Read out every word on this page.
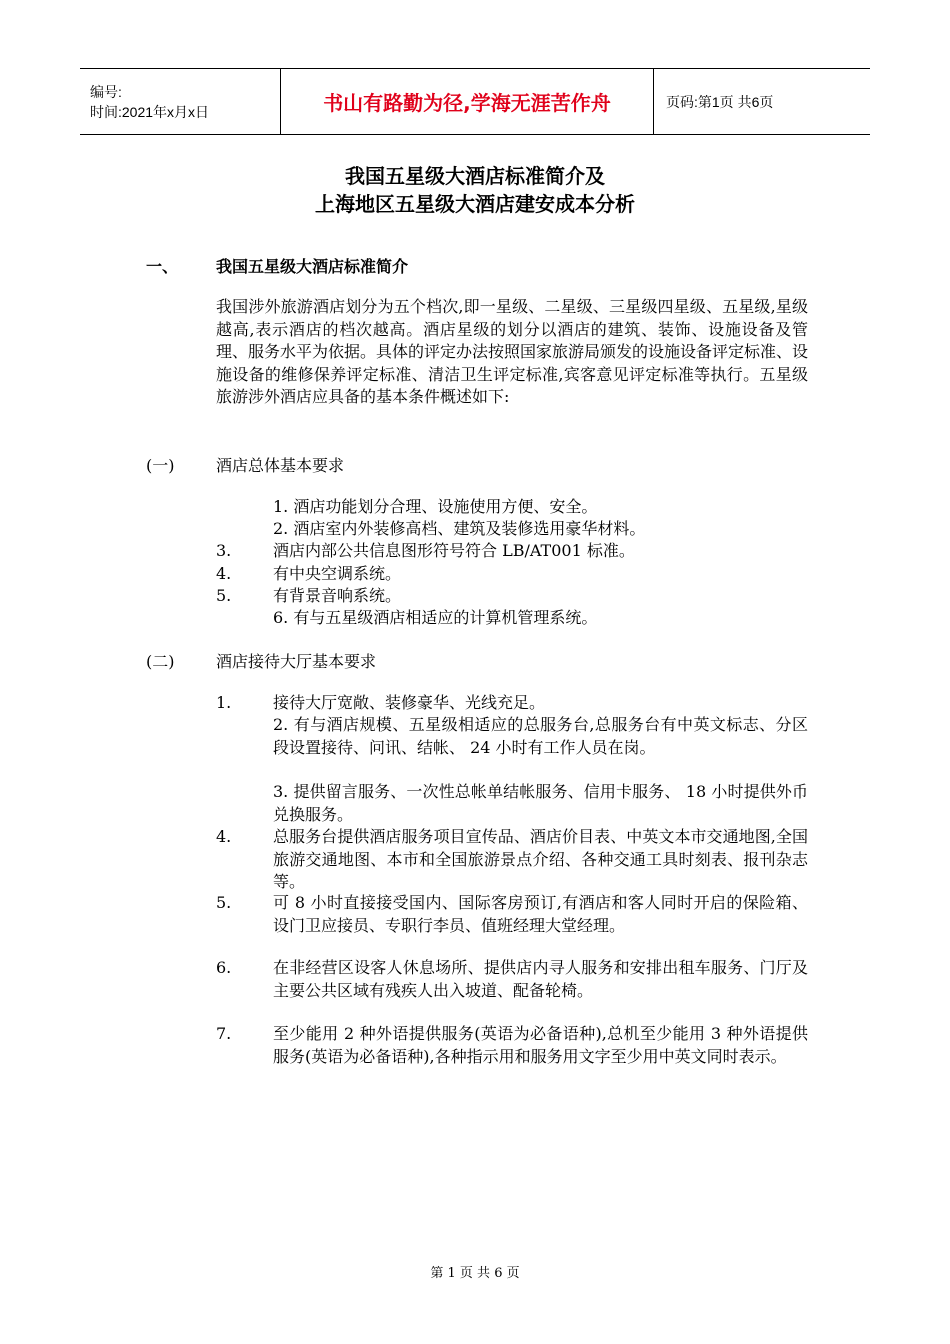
编号:
时间:2021年x月x日	书山有路勤为径,学海无涯苦作舟	页码:第1页 共6页
我国五星级大酒店标准简介及
上海地区五星级大酒店建安成本分析
一、 我国五星级大酒店标准简介
我国涉外旅游酒店划分为五个档次,即一星级、二星级、三星级四星级、五星级,星级越高,表示酒店的档次越高。酒店星级的划分以酒店的建筑、装饰、设施设备及管理、服务水平为依据。具体的评定办法按照国家旅游局颁发的设施设备评定标准、设施设备的维修保养评定标准、清洁卫生评定标准,宾客意见评定标准等执行。五星级旅游涉外酒店应具备的基本条件概述如下:
(一)	酒店总体基本要求
1. 酒店功能划分合理、设施使用方便、安全。
2. 酒店室内外装修高档、建筑及装修选用豪华材料。
3.	酒店内部公共信息图形符号符合 LB/AT001 标准。
4.	有中央空调系统。
5.	有背景音响系统。
6. 有与五星级酒店相适应的计算机管理系统。
(二)	酒店接待大厅基本要求
1.	接待大厅宽敞、装修豪华、光线充足。
2. 有与酒店规模、五星级相适应的总服务台,总服务台有中英文标志、分区段设置接待、问讯、结帐、 24 小时有工作人员在岗。
3. 提供留言服务、一次性总帐单结帐服务、信用卡服务、 18 小时提供外币兑换服务。
4.	总服务台提供酒店服务项目宣传品、酒店价目表、中英文本市交通地图,全国旅游交通地图、本市和全国旅游景点介绍、各种交通工具时刻表、报刊杂志等。
5.	可 8 小时直接接受国内、国际客房预订,有酒店和客人同时开启的保险箱、设门卫应接员、专职行李员、值班经理大堂经理。
6.	在非经营区设客人休息场所、提供店内寻人服务和安排出租车服务、门厅及主要公共区域有残疾人出入坡道、配备轮椅。
7.	至少能用 2 种外语提供服务(英语为必备语种),总机至少能用 3 种外语提供服务(英语为必备语种),各种指示用和服务用文字至少用中英文同时表示。
第 1 页 共 6 页
